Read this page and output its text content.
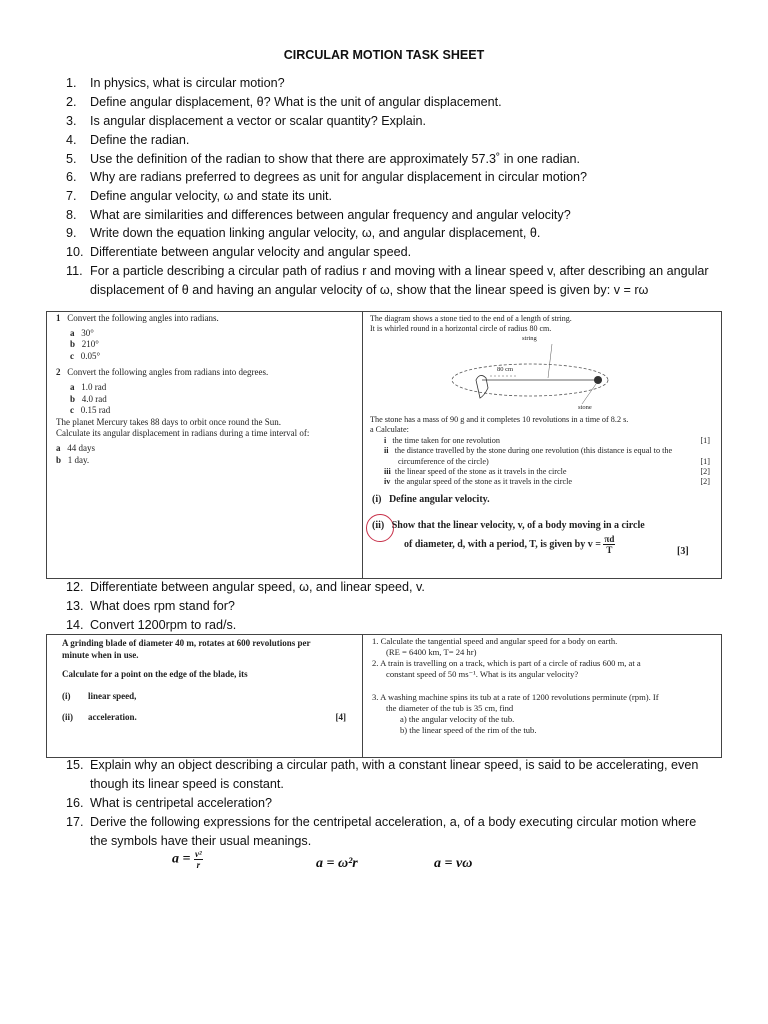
CIRCULAR MOTION TASK SHEET
1. In physics, what is circular motion?
2. Define angular displacement, θ? What is the unit of angular displacement.
3. Is angular displacement a vector or scalar quantity? Explain.
4. Define the radian.
5. Use the definition of the radian to show that there are approximately 57.3˚ in one radian.
6. Why are radians preferred to degrees as unit for angular displacement in circular motion?
7. Define angular velocity, ω and state its unit.
8. What are similarities and differences between angular frequency and angular velocity?
9. Write down the equation linking angular velocity, ω, and angular displacement, θ.
10. Differentiate between angular velocity and angular speed.
11. For a particle describing a circular path of radius r and moving with a linear speed v, after describing an angular
displacement of θ and having an angular velocity of ω, show that the linear speed is given by: v = rω
1 Convert the following angles into radians.
a 30°
b 210°
c 0.05°
2 Convert the following angles from radians into degrees.
a 1.0 rad
b 4.0 rad
c 0.15 rad
The planet Mercury takes 88 days to orbit once round the Sun.
Calculate its angular displacement in radians during a time interval of:
a 44 days
b 1 day.
The diagram shows a stone tied to the end of a length of string.
It is whirled round in a horizontal circle of radius 80 cm.
string
80 cm
stone
The stone has a mass of 90 g and it completes 10 revolutions in a time of 8.2 s.
a Calculate:
i the time taken for one revolution	[1]
ii the distance travelled by the stone during one revolution (this distance is equal to the
circumference of the circle)	[1]
iii the linear speed of the stone as it travels in the circle	[2]
iv the angular speed of the stone as it travels in the circle	[2]
(i) Define angular velocity.
(ii) Show that the linear velocity, v, of a body moving in a circle
of diameter, d, with a period, T, is given by $v = \frac{\pi d}{T}$	[3]
12. Differentiate between angular speed, ω, and linear speed, v.
13. What does rpm stand for?
14. Convert 1200rpm to rad/s.
A grinding blade of diameter 40 m, rotates at 600 revolutions per
minute when in use.
Calculate for a point on the edge of the blade, its
(i) linear speed,
(ii) acceleration.	[4]
1. Calculate the tangential speed and angular speed for a body on earth.
(RE = 6400 km, T= 24 hr)
2. A train is travelling on a track, which is part of a circle of radius 600 m, at a
constant speed of 50 ms⁻¹. What is its angular velocity?
3. A washing machine spins its tub at a rate of 1200 revolutions perminute (rpm). If
the diameter of the tub is 35 cm, find
a) the angular velocity of the tub.
b) the linear speed of the rim of the tub.
15. Explain why an object describing a circular path, with a constant linear speed, is said to be accelerating, even
though its linear speed is constant.
16. What is centripetal acceleration?
17. Derive the following expressions for the centripetal acceleration, a, of a body executing circular motion where
the symbols have their usual meanings.
$a = \frac{\text{v²}}{r}$	a = ω²r	a = vω
